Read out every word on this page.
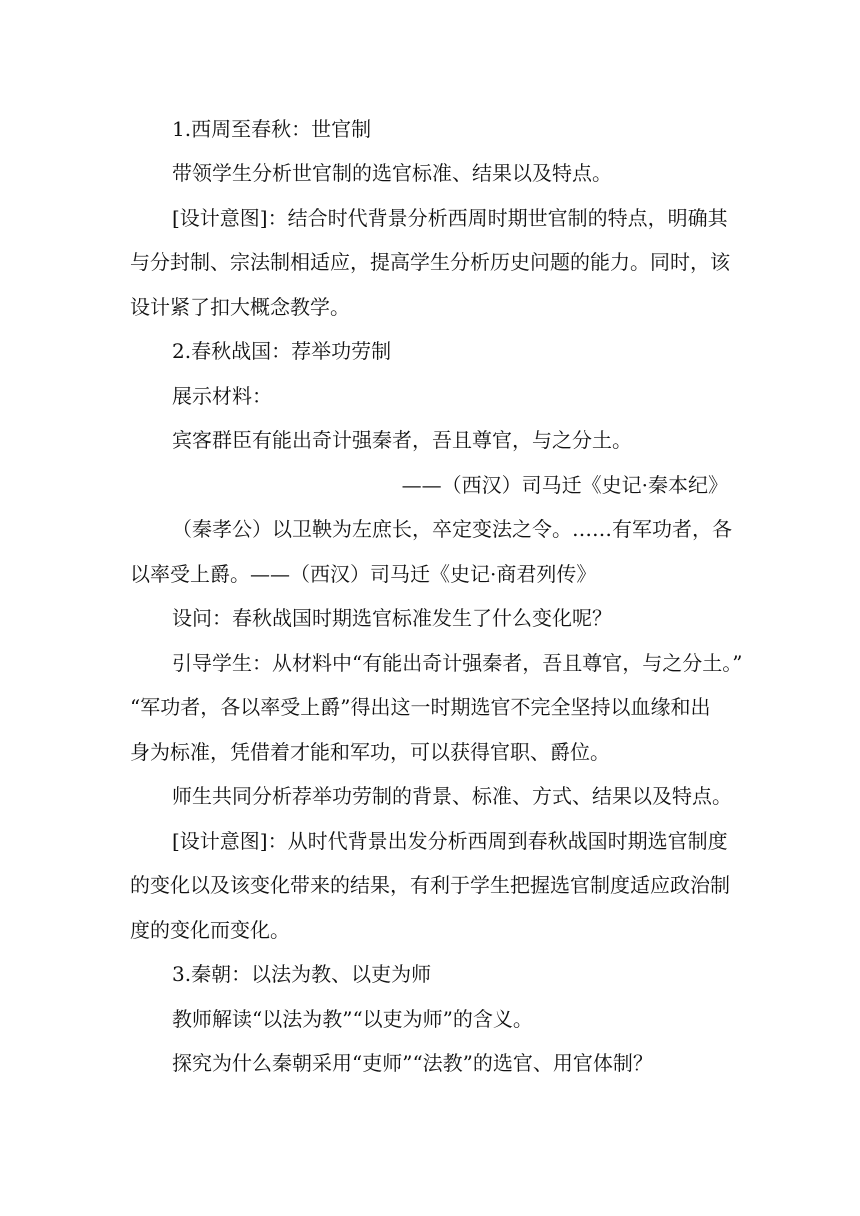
1.西周至春秋：世官制
带领学生分析世官制的选官标准、结果以及特点。
[设计意图]：结合时代背景分析西周时期世官制的特点，明确其
与分封制、宗法制相适应，提高学生分析历史问题的能力。同时，该
设计紧了扣大概念教学。
2.春秋战国：荐举功劳制
展示材料：
宾客群臣有能出奇计强秦者，吾且尊官，与之分土。
——（西汉）司马迁《史记·秦本纪》
（秦孝公）以卫鞅为左庶长，卒定变法之令。……有军功者，各
以率受上爵。——（西汉）司马迁《史记·商君列传》
设问：春秋战国时期选官标准发生了什么变化呢？
引导学生：从材料中“有能出奇计强秦者，吾且尊官，与之分土。”
“军功者，各以率受上爵”得出这一时期选官不完全坚持以血缘和出
身为标准，凭借着才能和军功，可以获得官职、爵位。
师生共同分析荐举功劳制的背景、标准、方式、结果以及特点。
[设计意图]：从时代背景出发分析西周到春秋战国时期选官制度
的变化以及该变化带来的结果，有利于学生把握选官制度适应政治制
度的变化而变化。
3.秦朝：以法为教、以吏为师
教师解读“以法为教”“以吏为师”的含义。
探究为什么秦朝采用“吏师”“法教”的选官、用官体制？
